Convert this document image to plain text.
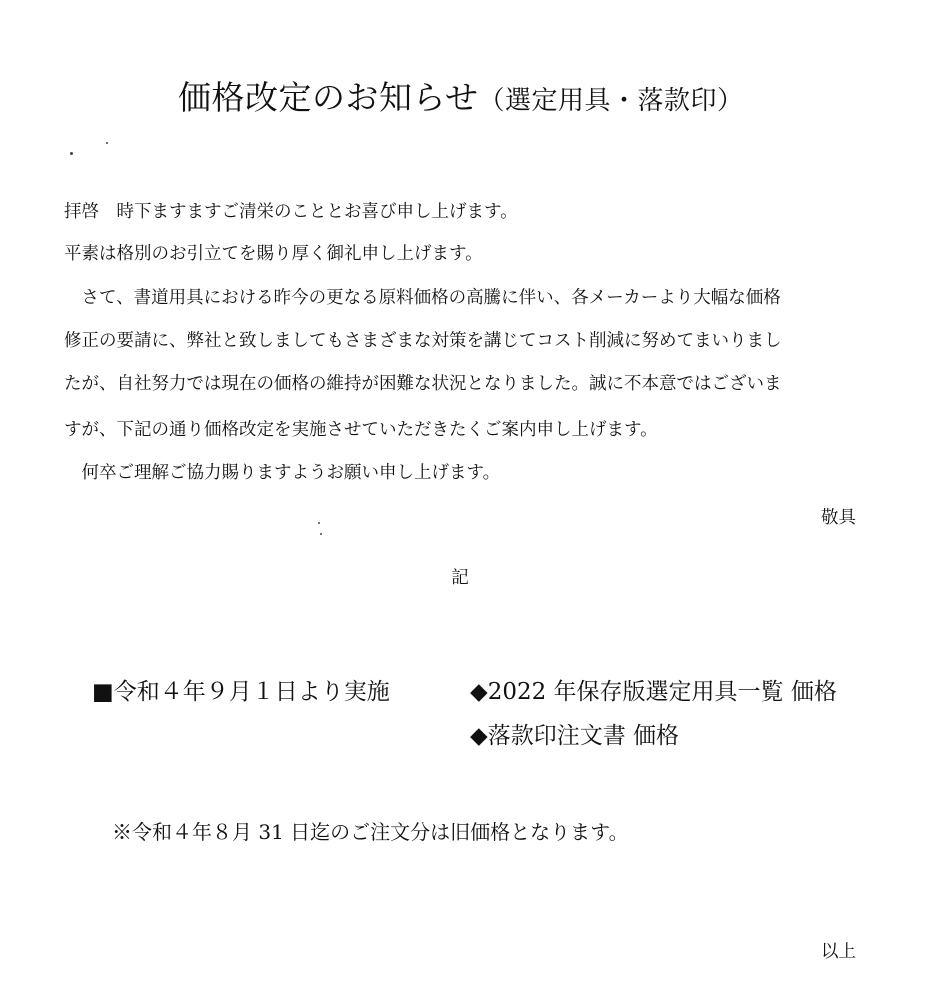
価格改定のお知らせ（選定用具・落款印）
拝啓　時下ますますご清栄のこととお喜び申し上げます。
平素は格別のお引立てを賜り厚く御礼申し上げます。
　さて、書道用具における昨今の更なる原料価格の高騰に伴い、各メーカーより大幅な価格
修正の要請に、弊社と致しましてもさまざまな対策を講じてコスト削減に努めてまいりまし
たが、自社努力では現在の価格の維持が困難な状況となりました。誠に不本意ではございま
すが、下記の通り価格改定を実施させていただきたくご案内申し上げます。
　何卒ご理解ご協力賜りますようお願い申し上げます。
敬具
記
■令和４年９月１日より実施	◆2022 年保存版選定用具一覧 価格
◆落款印注文書 価格
※令和４年８月 31 日迄のご注文分は旧価格となります。
以上
